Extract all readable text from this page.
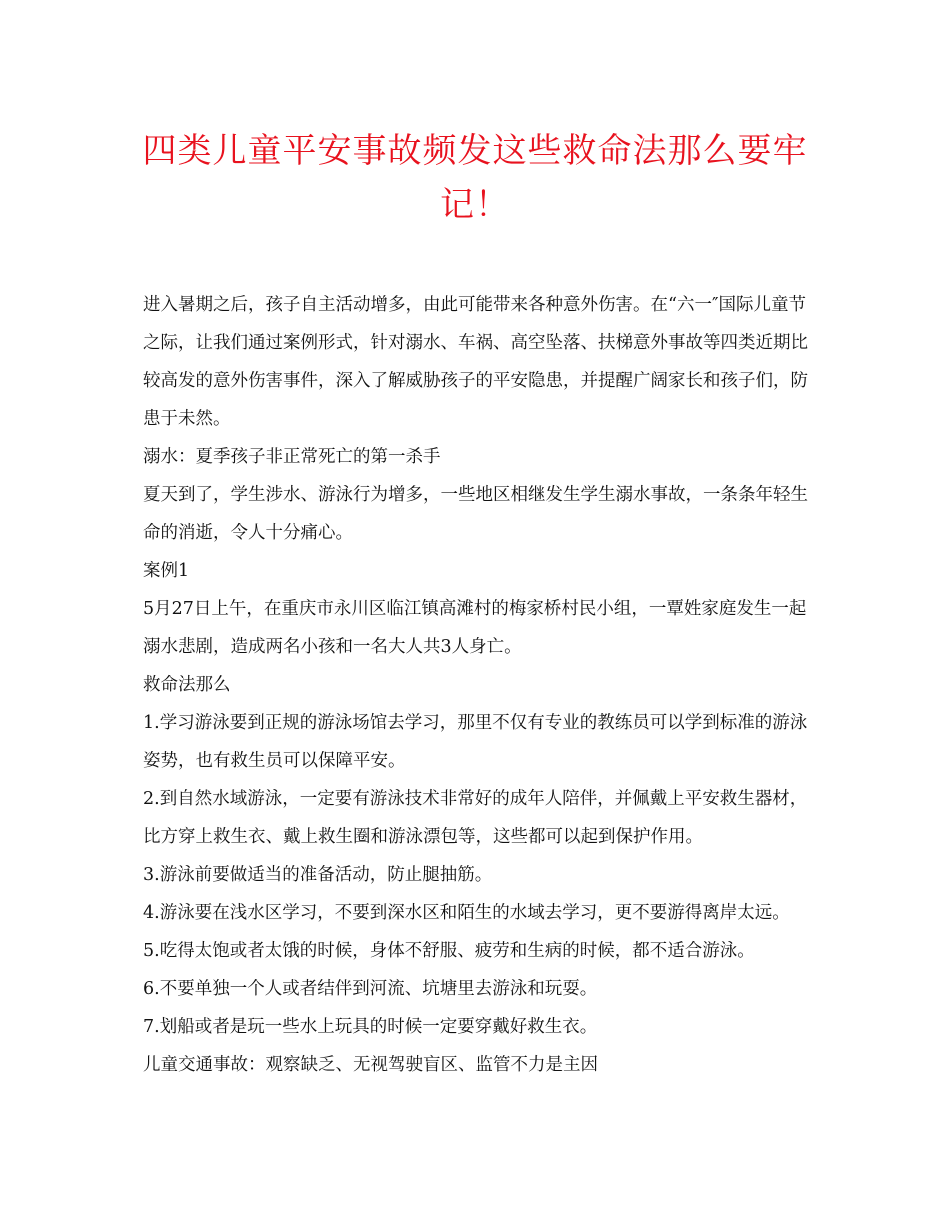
四类儿童平安事故频发这些救命法那么要牢记！

进入暑期之后，孩子自主活动增多，由此可能带来各种意外伤害。在“六一″国际儿童节之际，让我们通过案例形式，针对溺水、车祸、高空坠落、扶梯意外事故等四类近期比较高发的意外伤害事件，深入了解威胁孩子的平安隐患，并提醒广阔家长和孩子们，防患于未然。

溺水：夏季孩子非正常死亡的第一杀手

夏天到了，学生涉水、游泳行为增多，一些地区相继发生学生溺水事故，一条条年轻生命的消逝，令人十分痛心。

案例1

5月27日上午，在重庆市永川区临江镇高滩村的梅家桥村民小组，一覃姓家庭发生一起溺水悲剧，造成两名小孩和一名大人共3人身亡。

救命法那么

1.学习游泳要到正规的游泳场馆去学习，那里不仅有专业的教练员可以学到标准的游泳姿势，也有救生员可以保障平安。

2.到自然水域游泳，一定要有游泳技术非常好的成年人陪伴，并佩戴上平安救生器材，比方穿上救生衣、戴上救生圈和游泳漂包等，这些都可以起到保护作用。

3.游泳前要做适当的准备活动，防止腿抽筋。

4.游泳要在浅水区学习，不要到深水区和陌生的水域去学习，更不要游得离岸太远。

5.吃得太饱或者太饿的时候，身体不舒服、疲劳和生病的时候，都不适合游泳。

6.不要单独一个人或者结伴到河流、坑塘里去游泳和玩耍。

7.划船或者是玩一些水上玩具的时候一定要穿戴好救生衣。

儿童交通事故：观察缺乏、无视驾驶盲区、监管不力是主因
